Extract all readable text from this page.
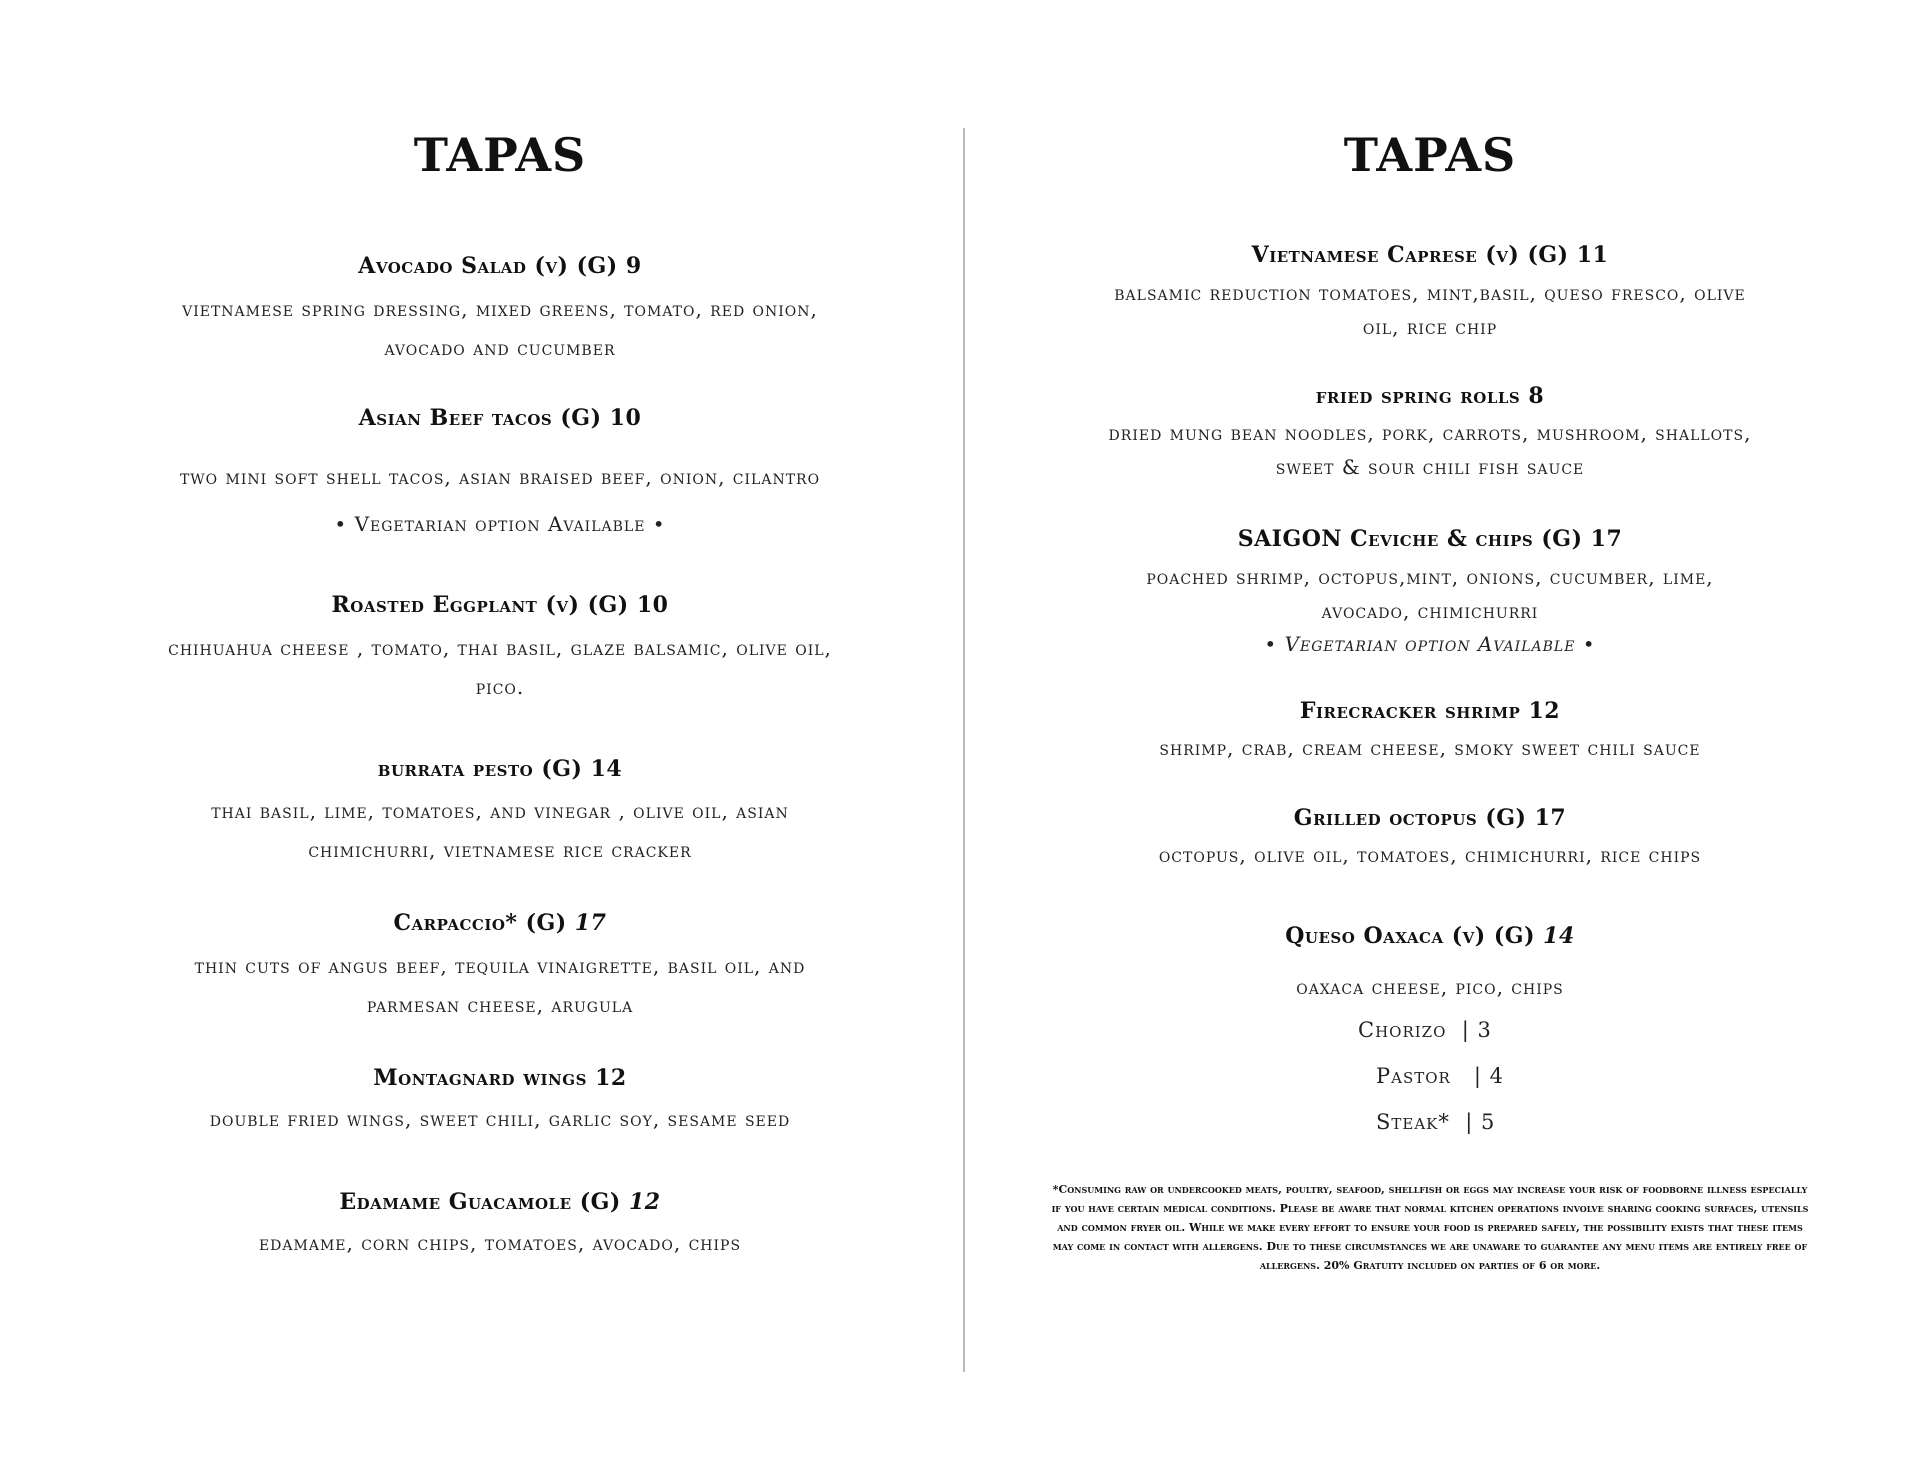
TAPAS
Avocado Salad (v) (G) 9
vietnamese spring dressing, mixed greens, tomato, red onion,
avocado and cucumber
Asian Beef tacos (G) 10
two mini soft shell tacos, asian braised beef, onion, cilantro
• Vegetarian option Available •
Roasted Eggplant (v) (G) 10
chihuahua cheese , tomato, thai basil, glaze balsamic, olive oil,
pico.
burrata pesto (G) 14
thai basil, lime, tomatoes, and vinegar , olive oil, asian
chimichurri, vietnamese rice cracker
Carpaccio* (G) 17
thin cuts of angus beef, tequila vinaigrette, basil oil, and
parmesan cheese, arugula
Montagnard wings 12
double fried wings, sweet chili, garlic soy, sesame seed
Edamame Guacamole (G) 12
edamame, corn chips, tomatoes, avocado, chips
TAPAS
Vietnamese Caprese (v) (G) 11
balsamic reduction tomatoes, mint,basil, queso fresco, olive
oil, rice chip
fried spring rolls 8
dried mung bean noodles, pork, carrots, mushroom, shallots,
sweet & sour chili fish sauce
SAIGON Ceviche & chips (G) 17
poached shrimp, octopus,mint, onions, cucumber, lime,
avocado, chimichurri
• Vegetarian option Available •
Firecracker shrimp 12
shrimp, crab, cream cheese, smoky sweet chili sauce
Grilled octopus (G) 17
octopus, olive oil, tomatoes, chimichurri, rice chips
Queso Oaxaca (v) (G) 14
oaxaca cheese, pico, chips
Chorizo  | 3
Pastor   | 4
Steak*  | 5
*Consuming raw or undercooked meats, poultry, seafood, shellfish or eggs may increase your risk of foodborne illness especially if you have certain medical conditions. Please be aware that normal kitchen operations involve sharing cooking surfaces, utensils and common fryer oil. While we make every effort to ensure your food is prepared safely, the possibility exists that these items may come in contact with allergens. Due to these circumstances we are unaware to guarantee any menu items are entirely free of allergens. 20% Gratuity included on parties of 6 or more.
